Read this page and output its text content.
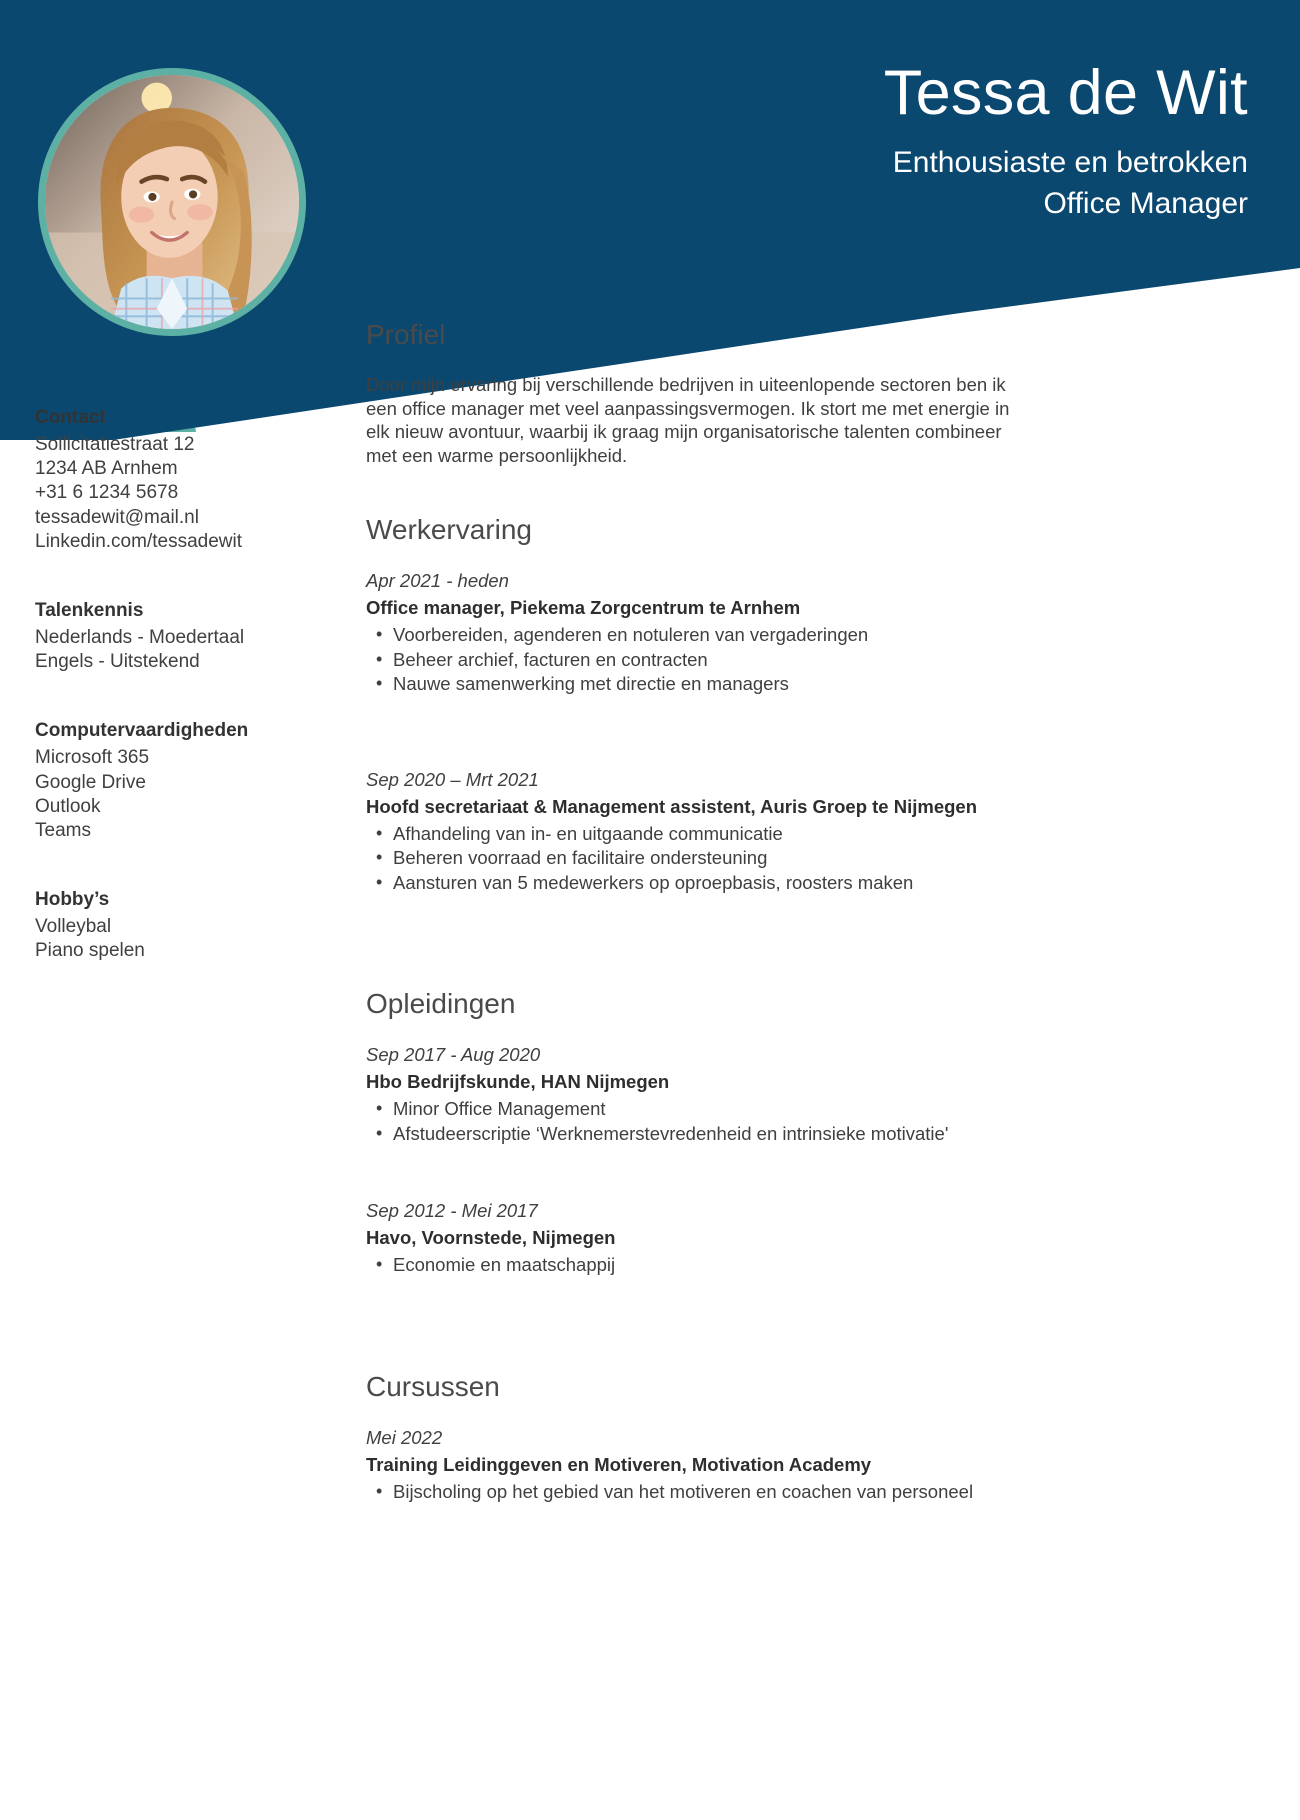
Tessa de Wit
Enthousiaste en betrokken
Office Manager
Contact
Sollicitatiestraat 12
1234 AB Arnhem
+31 6 1234 5678
tessadewit@mail.nl
Linkedin.com/tessadewit
Talenkennis
Nederlands - Moedertaal
Engels - Uitstekend
Computervaardigheden
Microsoft 365
Google Drive
Outlook
Teams
Hobby’s
Volleybal
Piano spelen
Profiel
Door mijn ervaring bij verschillende bedrijven in uiteenlopende sectoren ben ik een office manager met veel aanpassingsvermogen. Ik stort me met energie in elk nieuw avontuur, waarbij ik graag mijn organisatorische talenten combineer met een warme persoonlijkheid.
Werkervaring
Apr 2021 - heden
Office manager, Piekema Zorgcentrum te Arnhem
• Voorbereiden, agenderen en notuleren van vergaderingen
• Beheer archief, facturen en contracten
• Nauwe samenwerking met directie en managers
Sep 2020 – Mrt 2021
Hoofd secretariaat & Management assistent, Auris Groep te Nijmegen
• Afhandeling van in- en uitgaande communicatie
• Beheren voorraad en facilitaire ondersteuning
• Aansturen van 5 medewerkers op oproepbasis, roosters maken
Opleidingen
Sep 2017 - Aug 2020
Hbo Bedrijfskunde, HAN Nijmegen
• Minor Office Management
• Afstudeerscriptie ‘Werknemerstevredenheid en intrinsieke motivatie'
Sep 2012 - Mei 2017
Havo, Voornstede, Nijmegen
• Economie en maatschappij
Cursussen
Mei 2022
Training Leidinggeven en Motiveren, Motivation Academy
• Bijscholing op het gebied van het motiveren en coachen van personeel
